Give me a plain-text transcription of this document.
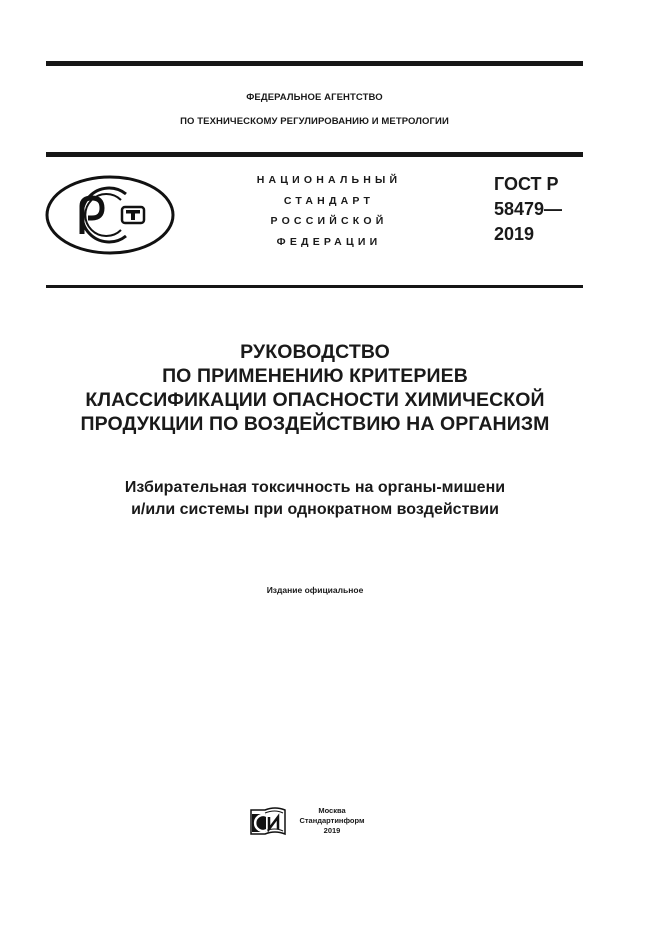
ФЕДЕРАЛЬНОЕ АГЕНТСТВО
ПО ТЕХНИЧЕСКОМУ РЕГУЛИРОВАНИЮ И МЕТРОЛОГИИ
НАЦИОНАЛЬНЫЙ
СТАНДАРТ
РОССИЙСКОЙ
ФЕДЕРАЦИИ
ГОСТ Р
58479—
2019
РУКОВОДСТВО
ПО ПРИМЕНЕНИЮ КРИТЕРИЕВ
КЛАССИФИКАЦИИ ОПАСНОСТИ ХИМИЧЕСКОЙ
ПРОДУКЦИИ ПО ВОЗДЕЙСТВИЮ НА ОРГАНИЗМ
Избирательная токсичность на органы-мишени
и/или системы при однократном воздействии
Издание официальное
Москва
Стандартинформ
2019
